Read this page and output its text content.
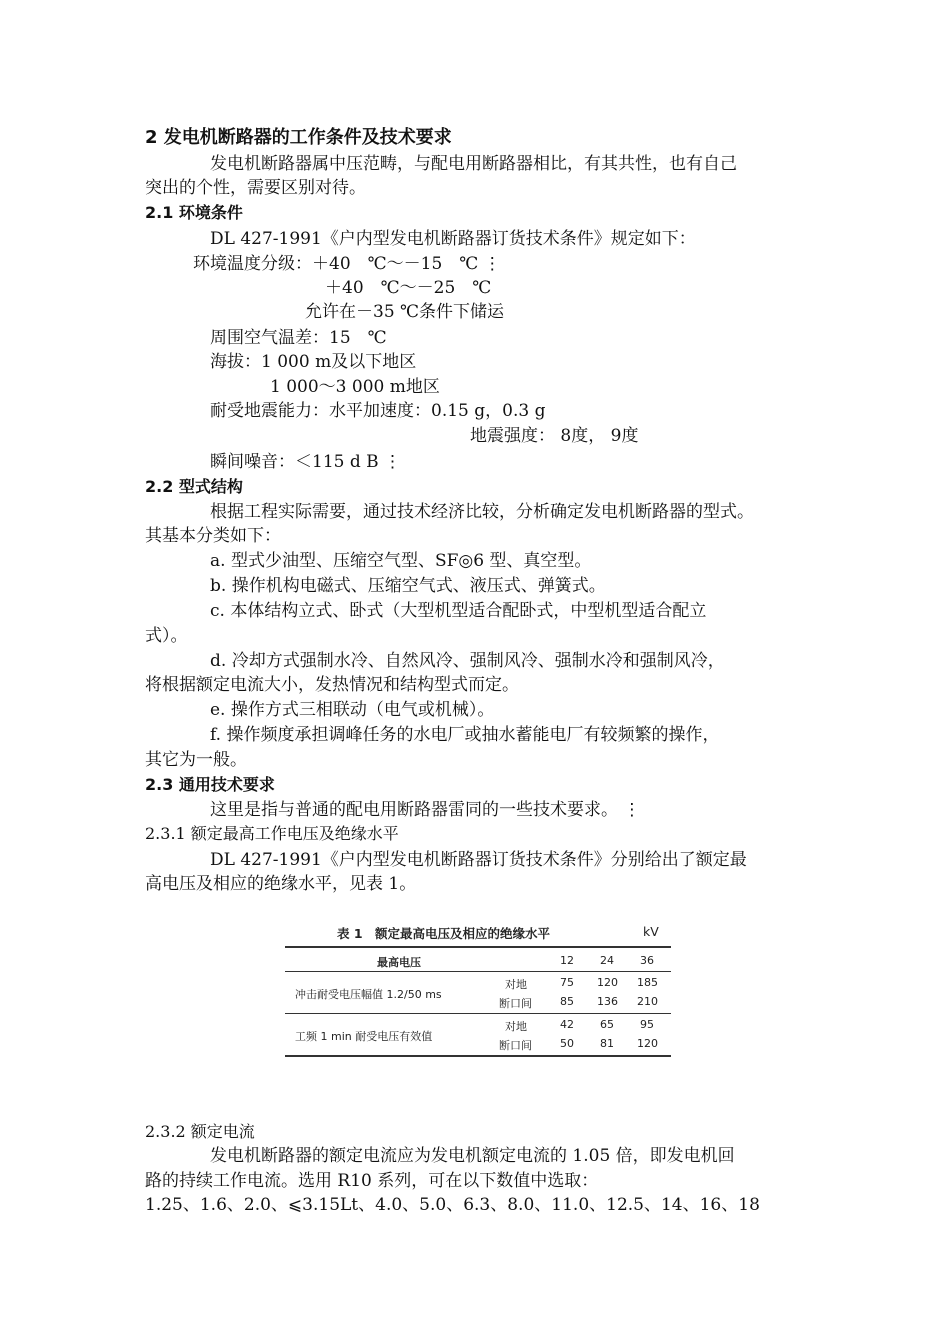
2 发电机断路器的工作条件及技术要求
发电机断路器属中压范畴，与配电用断路器相比，有其共性，也有自己
突出的个性，需要区别对待。
2.1 环境条件
DL 427-1991《户内型发电机断路器订货技术条件》规定如下：
环境温度分级：＋40　℃～－15　℃ ⋮
＋40　℃～－25　℃
允许在－35 ℃条件下储运
周围空气温差：15　℃
海拔：1 000 m及以下地区
1 000～3 000 m地区
耐受地震能力：水平加速度：0.15 g，0.3 g
地震强度： 8度， 9度
瞬间噪音：＜115 d B ⋮
2.2 型式结构
根据工程实际需要，通过技术经济比较，分析确定发电机断路器的型式。
其基本分类如下：
a. 型式少油型、压缩空气型、SF◎6 型、真空型。
b. 操作机构电磁式、压缩空气式、液压式、弹簧式。
c. 本体结构立式、卧式（大型机型适合配卧式，中型机型适合配立
式）。
d. 冷却方式强制水冷、自然风冷、强制风冷、强制水冷和强制风冷，
将根据额定电流大小，发热情况和结构型式而定。
e. 操作方式三相联动（电气或机械）。
f. 操作频度承担调峰任务的水电厂或抽水蓄能电厂有较频繁的操作，
其它为一般。
2.3 通用技术要求
这里是指与普通的配电用断路器雷同的一些技术要求。 ⋮
2.3.1 额定最高工作电压及绝缘水平
DL 427-1991《户内型发电机断路器订货技术条件》分别给出了额定最
高电压及相应的绝缘水平，见表 1。
表 1　额定最高电压及相应的绝缘水平	kV
最高电压	12 24 36
冲击耐受电压幅值 1.2/50 ms
对地	75 120 185
断口间	85 136 210
工频 1 min 耐受电压有效值
对地	42 65 95
断口间	50 81 120
2.3.2 额定电流
发电机断路器的额定电流应为发电机额定电流的 1.05 倍，即发电机回
路的持续工作电流。选用 R10 系列，可在以下数值中选取：
1.25、1.6、2.0、⩽3.15Lt、4.0、5.0、6.3、8.0、11.0、12.5、14、16、18
